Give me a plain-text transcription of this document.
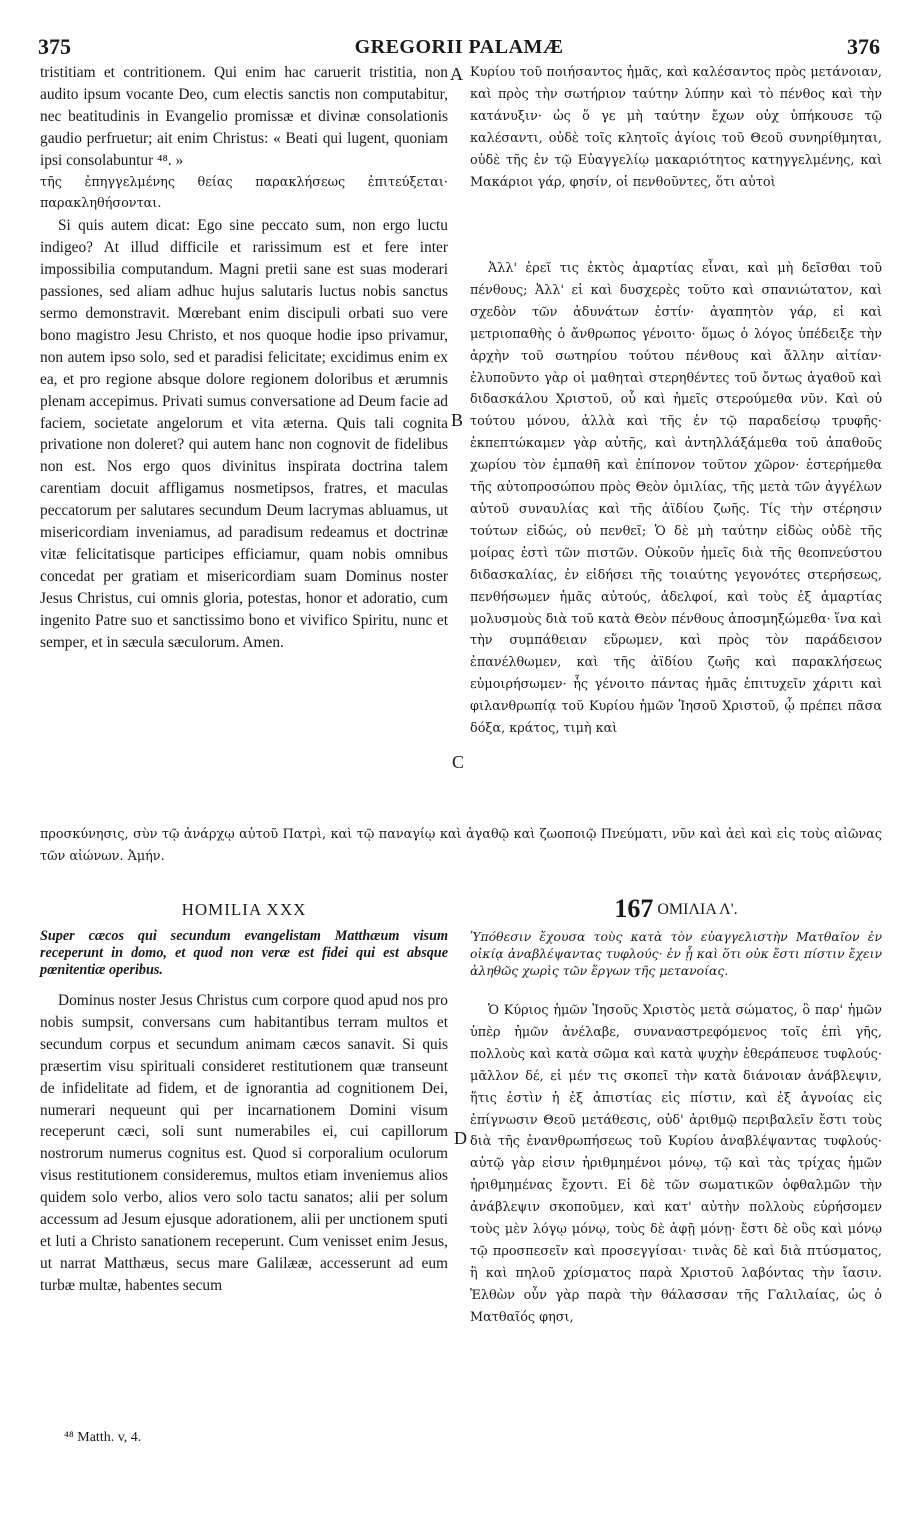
375	GREGORII PALAMÆ	376

tristitiam et contritionem. Qui enim hac caruerit tristitia, non audito ipsum vocante Deo, cum electis sanctis non computabitur, nec beatitudinis in Evangelio promissæ et divinæ consolationis gaudio perfruetur; ait enim Christus: « Beati qui lugent, quoniam ipsi consolabuntur ⁴⁸. »

τῆς ἐπηγγελμένης θείας παρακλήσεως ἐπιτεύξεται· παρακληθήσονται.

Si quis autem dicat: Ego sine peccato sum, non ergo luctu indigeo? At illud difficile et rarissimum est et fere inter impossibilia computandum. Magni pretii sane est suas moderari passiones, sed aliam adhuc hujus salutaris luctus nobis sanctus sermo demonstravit. Mœrebant enim discipuli orbati suo vere bono magistro Jesu Christo, et nos quoque hodie ipso privamur, non autem ipso solo, sed et paradisi felicitate; excidimus enim ex ea, et pro regione absque dolore regionem doloribus et ærumnis plenam accepimus. Privati sumus conversatione ad Deum facie ad faciem, societate angelorum et vita æterna. Quis tali cognita privatione non doleret? qui autem hanc non cognovit de fidelibus non est. Nos ergo quos divinitus inspirata doctrina talem carentiam docuit affligamus nosmetipsos, fratres, et maculas peccatorum per salutares secundum Deum lacrymas abluamus, ut misericordiam inveniamus, ad paradisum redeamus et doctrinæ vitæ felicitatisque participes efficiamur, quam nobis omnibus concedat per gratiam et misericordiam suam Dominus noster Jesus Christus, cui omnis gloria, potestas, honor et adoratio, cum ingenito Patre suo et sanctissimo bono et vivifico Spiritu, nunc et semper, et in sæcula sæculorum. Amen.

Κυρίου τοῦ ποιήσαντος ἡμᾶς, καὶ καλέσαντος πρὸς μετάνοιαν, καὶ πρὸς τὴν σωτήριον ταύτην λύπην καὶ τὸ πένθος καὶ τὴν κατάνυξιν· ὡς ὅ γε μὴ ταύτην ἔχων οὐχ ὑπήκουσε τῷ καλέσαντι, οὐδὲ τοῖς κλητοῖς ἁγίοις τοῦ Θεοῦ συνηρίθμηται, οὐδὲ τῆς ἐν τῷ Εὐαγγελίῳ μακαριότητος κατηγγελμένης, καὶ Μακάριοι γάρ, φησίν, οἱ πενθοῦντες, ὅτι αὐτοὶ

Ἀλλ' ἐρεῖ τις ἐκτὸς ἁμαρτίας εἶναι, καὶ μὴ δεῖσθαι τοῦ πένθους; Ἀλλ' εἰ καὶ δυσχερὲς τοῦτο καὶ σπανιώτατον, καὶ σχεδὸν τῶν ἀδυνάτων ἐστίν· ἀγαπητὸν γάρ, εἰ καὶ μετριοπαθὴς ὁ ἄνθρωπος γένοιτο· ὅμως ὁ λόγος ὑπέδειξε τὴν ἀρχὴν τοῦ σωτηρίου τούτου πένθους καὶ ἄλλην αἰτίαν· ἐλυποῦντο γὰρ οἱ μαθηταὶ στερηθέντες τοῦ ὄντως ἀγαθοῦ καὶ διδασκάλου Χριστοῦ, οὗ καὶ ἡμεῖς στερούμεθα νῦν. Καὶ οὐ τούτου μόνου, ἀλλὰ καὶ τῆς ἐν τῷ παραδείσῳ τρυφῆς· ἐκπεπτώκαμεν γὰρ αὐτῆς, καὶ ἀντηλλάξάμεθα τοῦ ἀπαθοῦς χωρίου τὸν ἐμπαθῆ καὶ ἐπίπονον τοῦτον χῶρον· ἐστερήμεθα τῆς αὐτοπροσώπου πρὸς Θεὸν ὁμιλίας, τῆς μετὰ τῶν ἀγγέλων αὐτοῦ συναυλίας καὶ τῆς ἀϊδίου ζωῆς. Τίς τὴν στέρησιν τούτων εἰδώς, οὐ πενθεῖ; Ὁ δὲ μὴ ταύτην εἰδὼς οὐδὲ τῆς μοίρας ἐστὶ τῶν πιστῶν. Οὐκοῦν ἡμεῖς διὰ τῆς θεοπνεύστου διδασκαλίας, ἐν εἰδήσει τῆς τοιαύτης γεγονότες στερήσεως, πενθήσωμεν ἡμᾶς αὐτούς, ἀδελφοί, καὶ τοὺς ἐξ ἁμαρτίας μολυσμοὺς διὰ τοῦ κατὰ Θεὸν πένθους ἀποσμηξώμεθα· ἵνα καὶ τὴν συμπάθειαν εὕρωμεν, καὶ πρὸς τὸν παράδεισον ἐπανέλθωμεν, καὶ τῆς ἀϊδίου ζωῆς καὶ παρακλήσεως εὐμοιρήσωμεν· ἧς γένοιτο πάντας ἡμᾶς ἐπιτυχεῖν χάριτι καὶ φιλανθρωπίᾳ τοῦ Κυρίου ἡμῶν Ἰησοῦ Χριστοῦ, ᾧ πρέπει πᾶσα δόξα, κράτος, τιμὴ καὶ

A
B
C
D
προσκύνησις, σὺν τῷ ἀνάρχῳ αὐτοῦ Πατρὶ, καὶ τῷ παναγίῳ καὶ ἀγαθῷ καὶ ζωοποιῷ Πνεύματι, νῦν καὶ ἀεὶ καὶ εἰς τοὺς αἰῶνας τῶν αἰώνων. Ἀμήν.
HOMILIA XXX
Super cæcos qui secundum evangelistam Matthæum visum receperunt in domo, et quod non veræ est fidei qui est absque pœnitentiæ operibus.

Dominus noster Jesus Christus cum corpore quod apud nos pro nobis sumpsit, conversans cum habitantibus terram multos et secundum corpus et secundum animam cæcos sanavit. Si quis præsertim visu spirituali consideret restitutionem quæ transeunt de infidelitate ad fidem, et de ignorantia ad cognitionem Dei, numerari nequeunt qui per incarnationem Domini visum receperunt cæci, soli sunt numerabiles ei, cui capillorum nostrorum numerus cognitus est. Quod si corporalium oculorum visus restitutionem consideremus, multos etiam inveniemus alios quidem solo verbo, alios vero solo tactu sanatos; alii per solum accessum ad Jesum ejusque adorationem, alii per unctionem sputi et luti a Christo sanationem receperunt. Cum venisset enim Jesus, ut narrat Matthæus, secus mare Galilææ, accesserunt ad eum turbæ multæ, habentes secum

167 ΟΜΙΛΙΑ Λ'.
Ὑπόθεσιν ἔχουσα τοὺς κατὰ τὸν εὐαγγελιστὴν Ματθαῖον ἐν οἰκίᾳ ἀναβλέψαντας τυφλούς· ἐν ᾗ καὶ ὅτι οὐκ ἔστι πίστιν ἔχειν ἀληθῶς χωρὶς τῶν ἔργων τῆς μετανοίας.

Ὁ Κύριος ἡμῶν Ἰησοῦς Χριστὸς μετὰ σώματος, ὃ παρ' ἡμῶν ὑπὲρ ἡμῶν ἀνέλαβε, συναναστρεφόμενος τοῖς ἐπὶ γῆς, πολλοὺς καὶ κατὰ σῶμα καὶ κατὰ ψυχὴν ἐθεράπευσε τυφλούς· μᾶλλον δέ, εἰ μέν τις σκοπεῖ τὴν κατὰ διάνοιαν ἀνάβλεψιν, ἥτις ἐστὶν ἡ ἐξ ἀπιστίας εἰς πίστιν, καὶ ἐξ ἀγνοίας εἰς ἐπίγνωσιν Θεοῦ μετάθεσις, οὐδ' ἀριθμῷ περιβαλεῖν ἔστι τοὺς διὰ τῆς ἐνανθρωπήσεως τοῦ Κυρίου ἀναβλέψαντας τυφλούς· αὐτῷ γὰρ εἰσιν ἠριθμημένοι μόνῳ, τῷ καὶ τὰς τρίχας ἡμῶν ἠριθμημένας ἔχοντι. Εἰ δὲ τῶν σωματικῶν ὀφθαλμῶν τὴν ἀνάβλεψιν σκοποῦμεν, καὶ κατ' αὐτὴν πολλοὺς εὑρήσομεν τοὺς μὲν λόγῳ μόνῳ, τοὺς δὲ ἁφῇ μόνῃ· ἔστι δὲ οὓς καὶ μόνῳ τῷ προσπεσεῖν καὶ προσεγγίσαι· τινὰς δὲ καὶ διὰ πτύσματος, ἢ καὶ πηλοῦ χρίσματος παρὰ Χριστοῦ λαβόντας τὴν ἴασιν. Ἐλθὼν οὖν γὰρ παρὰ τὴν θάλασσαν τῆς Γαλιλαίας, ὡς ὁ Ματθαῖός φησι,

⁴⁸ Matth. v, 4.
